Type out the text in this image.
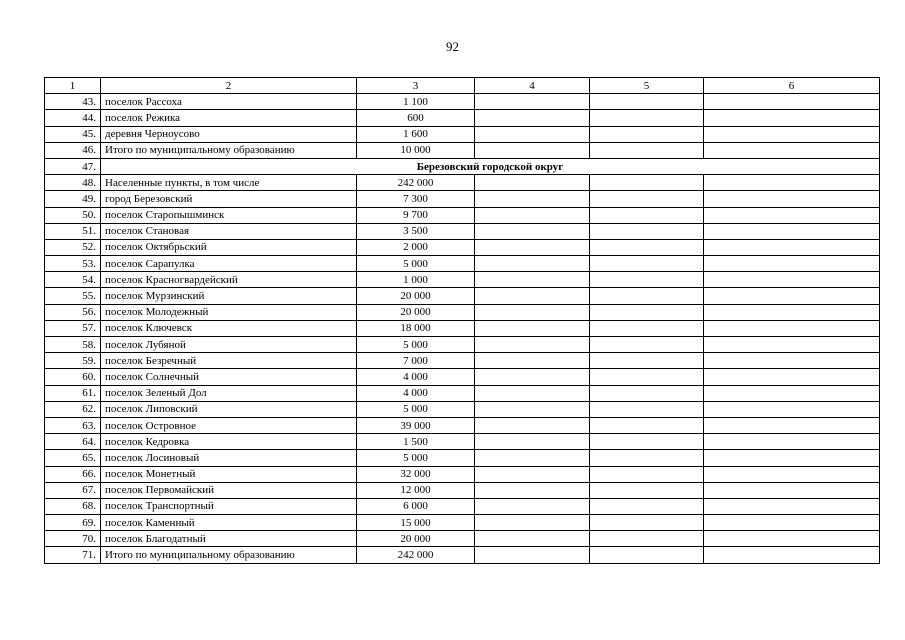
92
1	2	3	4	5	6
43.	поселок Рассоха	1 100			
44.	поселок Режика	600			
45.	деревня Черноусово	1 600			
46.	Итого по муниципальному образованию	10 000			
47.	Березовский городской округ				
48.	Населенные пункты, в том числе	242 000			
49.	город Березовский	7 300			
50.	поселок Старопышминск	9 700			
51.	поселок Становая	3 500			
52.	поселок Октябрьский	2 000			
53.	поселок Сарапулка	5 000			
54.	поселок Красногвардейский	1 000			
55.	поселок Мурзинский	20 000			
56.	поселок Молодежный	20 000			
57.	поселок Ключевск	18 000			
58.	поселок Лубяной	5 000			
59.	поселок Безречный	7 000			
60.	поселок Солнечный	4 000			
61.	поселок Зеленый Дол	4 000			
62.	поселок Липовский	5 000			
63.	поселок Островное	39 000			
64.	поселок Кедровка	1 500			
65.	поселок Лосиновый	5 000			
66.	поселок Монетный	32 000			
67.	поселок Первомайский	12 000			
68.	поселок Транспортный	6 000			
69.	поселок Каменный	15 000			
70.	поселок Благодатный	20 000			
71.	Итого по муниципальному образованию	242 000			
